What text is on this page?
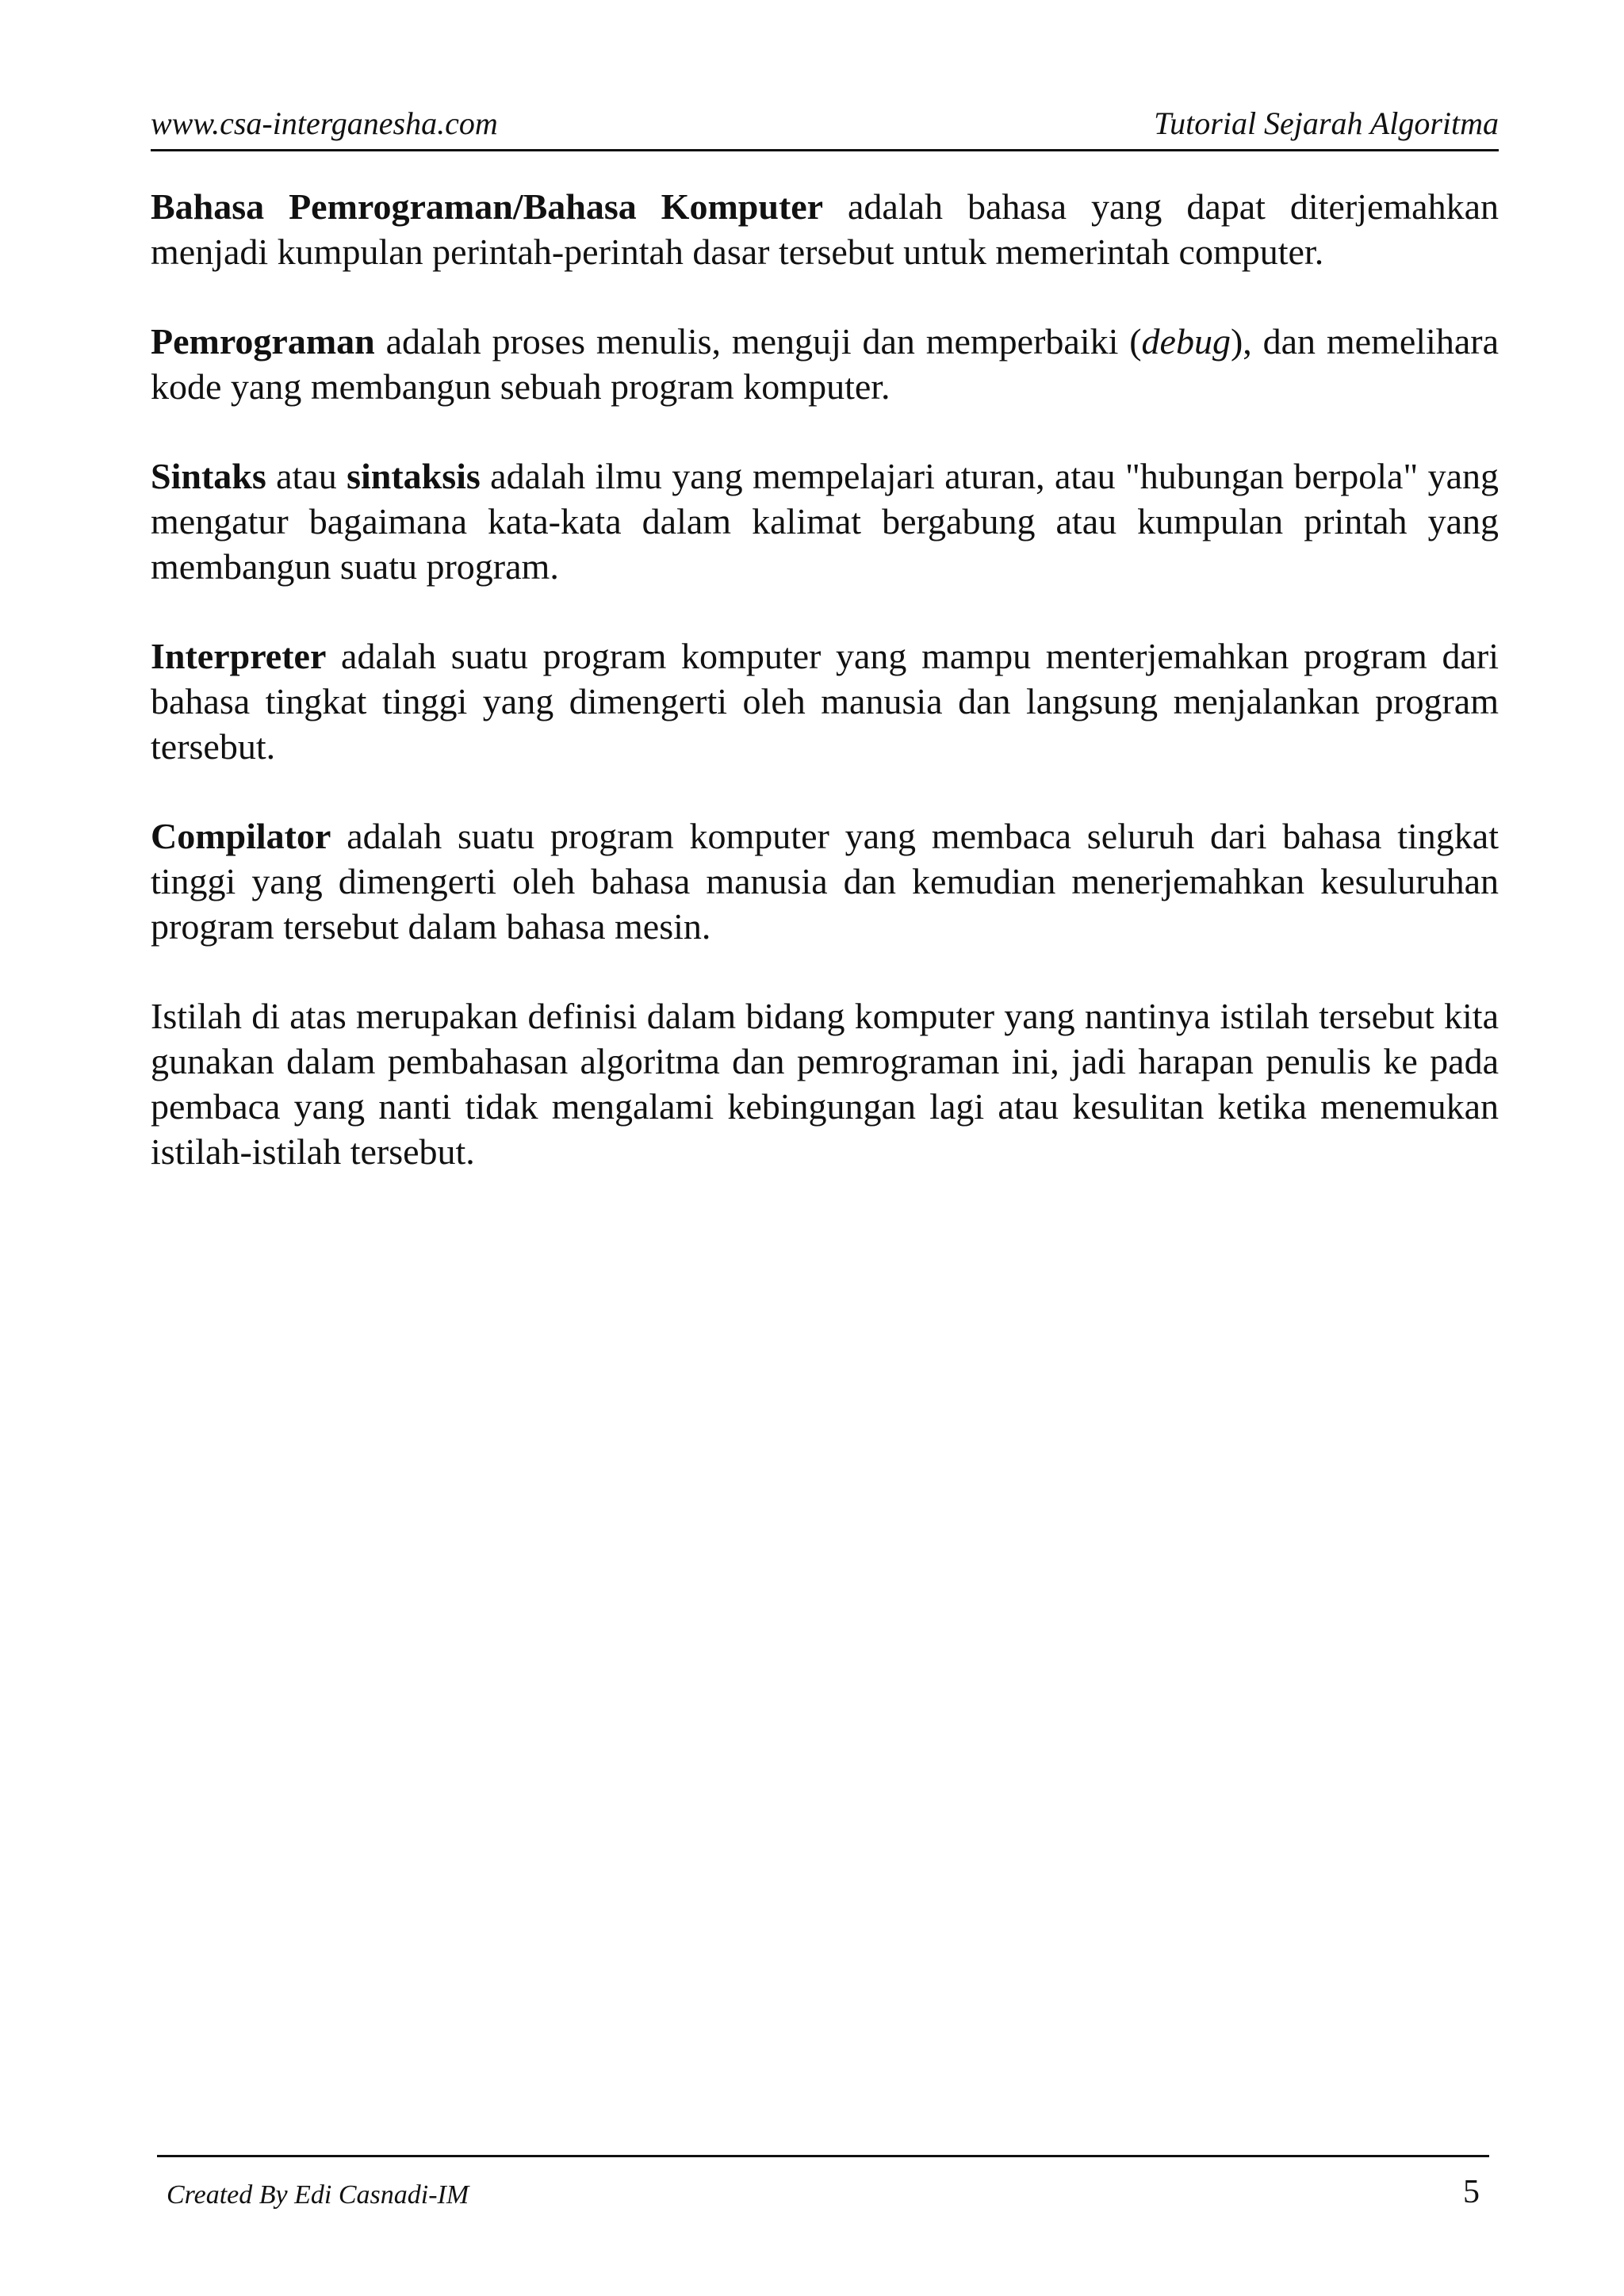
www.csa-interganesha.com	Tutorial Sejarah Algoritma

Bahasa Pemrograman/Bahasa Komputer adalah bahasa yang dapat diterjemahkan menjadi kumpulan perintah-perintah dasar tersebut untuk memerintah computer.

Pemrograman adalah proses menulis, menguji dan memperbaiki (debug), dan memelihara kode yang membangun sebuah program komputer.

Sintaks atau sintaksis adalah ilmu yang mempelajari aturan, atau "hubungan berpola" yang mengatur bagaimana kata-kata dalam kalimat bergabung atau kumpulan printah yang membangun suatu program.

Interpreter adalah suatu program komputer yang mampu menterjemahkan program dari bahasa tingkat tinggi yang dimengerti oleh manusia dan langsung menjalankan program tersebut.

Compilator adalah suatu program komputer yang membaca seluruh dari bahasa tingkat tinggi yang dimengerti oleh bahasa manusia dan kemudian menerjemahkan kesuluruhan program tersebut dalam bahasa mesin.

Istilah di atas merupakan definisi dalam bidang komputer yang nantinya istilah tersebut kita gunakan dalam pembahasan algoritma dan pemrograman ini, jadi harapan penulis ke pada pembaca yang nanti tidak mengalami kebingungan lagi atau kesulitan ketika menemukan istilah-istilah tersebut.

Created By Edi Casnadi-IM	5
